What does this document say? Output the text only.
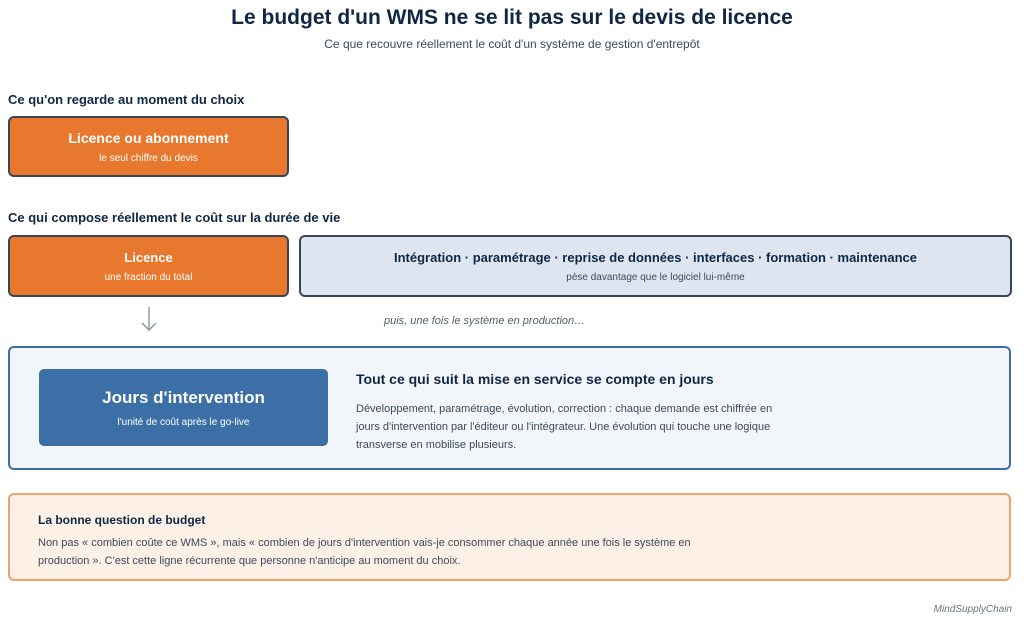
Le budget d'un WMS ne se lit pas sur le devis de licence
Ce que recouvre réellement le coût d'un système de gestion d'entrepôt
Ce qu'on regarde au moment du choix
Licence ou abonnement
le seul chiffre du devis
Ce qui compose réellement le coût sur la durée de vie
Licence
une fraction du total
Intégration · paramétrage · reprise de données · interfaces · formation · maintenance
pèse davantage que le logiciel lui-même
puis, une fois le système en production…
Jours d'intervention
l'unité de coût après le go-live
Tout ce qui suit la mise en service se compte en jours
Développement, paramétrage, évolution, correction : chaque demande est chiffrée en jours d'intervention par l'éditeur ou l'intégrateur. Une évolution qui touche une logique transverse en mobilise plusieurs.
La bonne question de budget
Non pas « combien coûte ce WMS », mais « combien de jours d'intervention vais-je consommer chaque année une fois le système en production ». C'est cette ligne récurrente que personne n'anticipe au moment du choix.
MindSupplyChain
